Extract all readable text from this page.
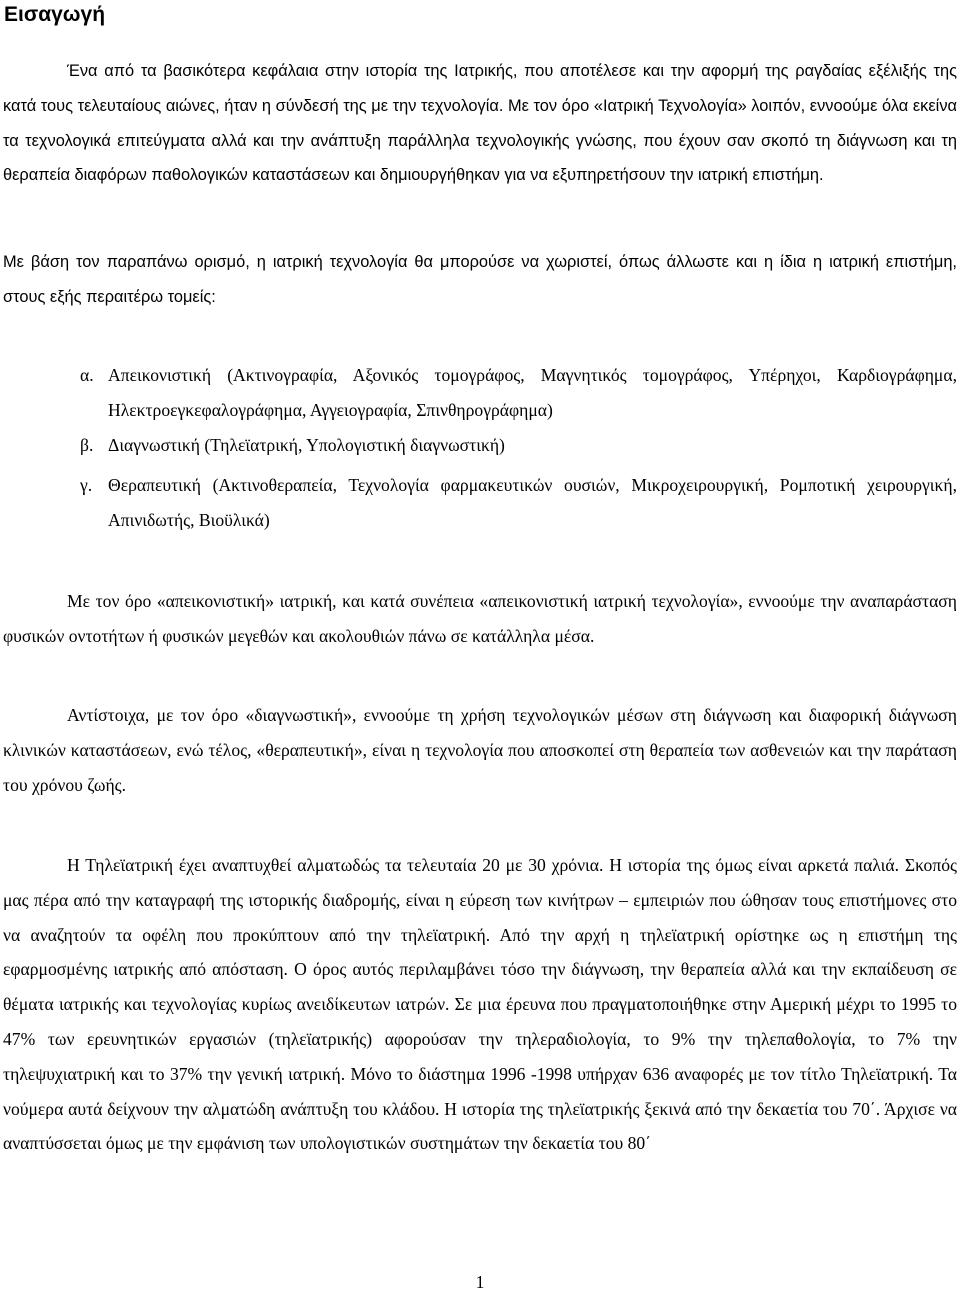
Εισαγωγή

Ένα από τα βασικότερα κεφάλαια στην ιστορία της Ιατρικής, που αποτέλεσε και την αφορμή της ραγδαίας εξέλιξής της κατά τους τελευταίους αιώνες, ήταν η σύνδεσή της με την τεχνολογία. Με τον όρο «Ιατρική Τεχνολογία» λοιπόν, εννοούμε όλα εκείνα τα τεχνολογικά επιτεύγματα αλλά και την ανάπτυξη παράλληλα τεχνολογικής γνώσης, που έχουν σαν σκοπό τη διάγνωση και τη θεραπεία διαφόρων παθολογικών καταστάσεων και δημιουργήθηκαν για να εξυπηρετήσουν την ιατρική επιστήμη.

Με βάση τον παραπάνω ορισμό, η ιατρική τεχνολογία θα μπορούσε να χωριστεί, όπως άλλωστε και η ίδια η ιατρική επιστήμη, στους εξής περαιτέρω τομείς:

α. Απεικονιστική (Ακτινογραφία, Αξονικός τομογράφος, Μαγνητικός τομογράφος, Υπέρηχοι, Καρδιογράφημα, Ηλεκτροεγκεφαλογράφημα, Αγγειογραφία, Σπινθηρογράφημα)
β. Διαγνωστική (Τηλεϊατρική, Υπολογιστική διαγνωστική)
γ. Θεραπευτική (Ακτινοθεραπεία, Τεχνολογία φαρμακευτικών ουσιών, Μικροχειρουργική, Ρομποτική χειρουργική, Απινιδωτής, Βιοϋλικά)

Με τον όρο «απεικονιστική» ιατρική, και κατά συνέπεια «απεικονιστική ιατρική τεχνολογία», εννοούμε την αναπαράσταση φυσικών οντοτήτων ή φυσικών μεγεθών και ακολουθιών πάνω σε κατάλληλα μέσα.

Αντίστοιχα, με τον όρο «διαγνωστική», εννοούμε τη χρήση τεχνολογικών μέσων στη διάγνωση και διαφορική διάγνωση κλινικών καταστάσεων, ενώ τέλος, «θεραπευτική», είναι η τεχνολογία που αποσκοπεί στη θεραπεία των ασθενειών και την παράταση του χρόνου ζωής.

Η Τηλεϊατρική έχει αναπτυχθεί αλματωδώς τα τελευταία 20 με 30 χρόνια. Η ιστορία της όμως είναι αρκετά παλιά. Σκοπός μας πέρα από την καταγραφή της ιστορικής διαδρομής, είναι η εύρεση των κινήτρων – εμπειριών που ώθησαν τους επιστήμονες στο να αναζητούν τα οφέλη που προκύπτουν από την τηλεϊατρική. Από την αρχή η τηλεϊατρική ορίστηκε ως η επιστήμη της εφαρμοσμένης ιατρικής από απόσταση. Ο όρος αυτός περιλαμβάνει τόσο την διάγνωση, την θεραπεία αλλά και την εκπαίδευση σε θέματα ιατρικής και τεχνολογίας κυρίως ανειδίκευτων ιατρών. Σε μια έρευνα που πραγματοποιήθηκε στην Αμερική μέχρι το 1995 το 47% των ερευνητικών εργασιών (τηλεϊατρικής) αφορούσαν την τηλεραδιολογία, το 9% την τηλεπαθολογία, το 7% την τηλεψυχιατρική και το 37% την γενική ιατρική. Μόνο το διάστημα 1996 -1998 υπήρχαν 636 αναφορές με τον τίτλο Τηλεϊατρική. Τα νούμερα αυτά δείχνουν την αλματώδη ανάπτυξη του κλάδου. Η ιστορία της τηλεϊατρικής ξεκινά από την δεκαετία του 70΄. Άρχισε να αναπτύσσεται όμως με την εμφάνιση των υπολογιστικών συστημάτων την δεκαετία του 80΄

1
